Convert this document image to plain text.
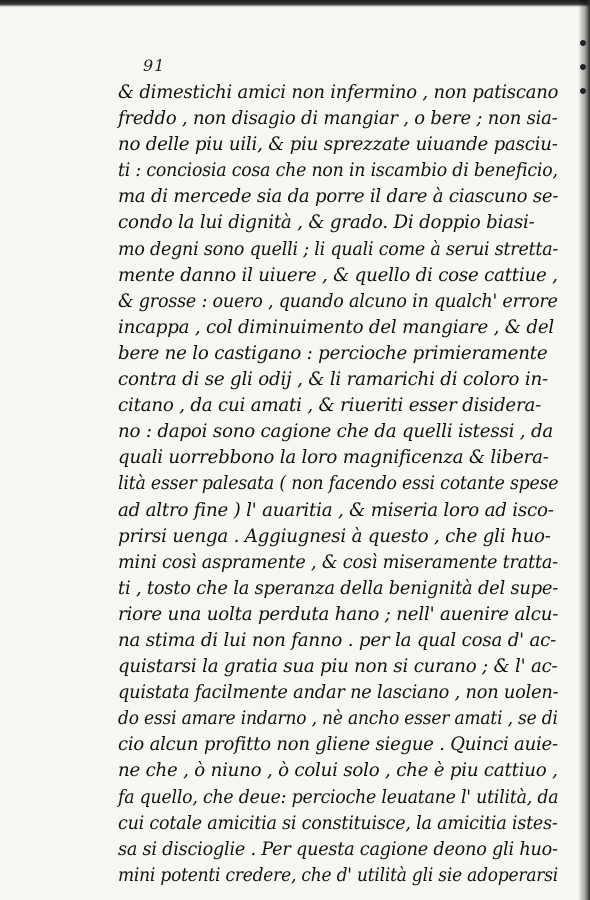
91
& dimestichi amici non infermino , non patiscano
freddo , non disagio di mangiar , o bere ; non sia-
no delle piu uili, & piu sprezzate uiuande pasciu-
ti : conciosia cosa che non in iscambio di beneficio,
ma di mercede sia da porre il dare à ciascuno se-
condo la lui dignità , & grado. Di doppio biasi-
mo degni sono quelli ; li quali come à serui stretta-
mente danno il uiuere , & quello di cose cattiue ,
& grosse : ouero , quando alcuno in qualch' errore
incappa , col diminuimento del mangiare , & del
bere ne lo castigano : percioche primieramente
contra di se gli odij , & li ramarichi di coloro in-
citano , da cui amati , & riueriti esser disidera-
no : dapoi sono cagione che da quelli istessi , da
quali uorrebbono la loro magnificenza & libera-
lità esser palesata ( non facendo essi cotante spese
ad altro fine ) l' auaritia , & miseria loro ad isco-
prirsi uenga . Aggiugnesi à questo , che gli huo-
mini così aspramente , & così miseramente tratta-
ti , tosto che la speranza della benignità del supe-
riore una uolta perduta hano ; nell' auenire alcu-
na stima di lui non fanno . per la qual cosa d' ac-
quistarsi la gratia sua piu non si curano ; & l' ac-
quistata facilmente andar ne lasciano , non uolen-
do essi amare indarno , nè ancho esser amati , se di
cio alcun profitto non gliene siegue . Quinci auie-
ne che , ò niuno , ò colui solo , che è piu cattiuo ,
fa quello, che deue: percioche leuatane l' utilità, da
cui cotale amicitia si constituisce, la amicitia istes-
sa si discioglie . Per questa cagione deono gli huo-
mini potenti credere, che d' utilità gli sie adoperarsi
